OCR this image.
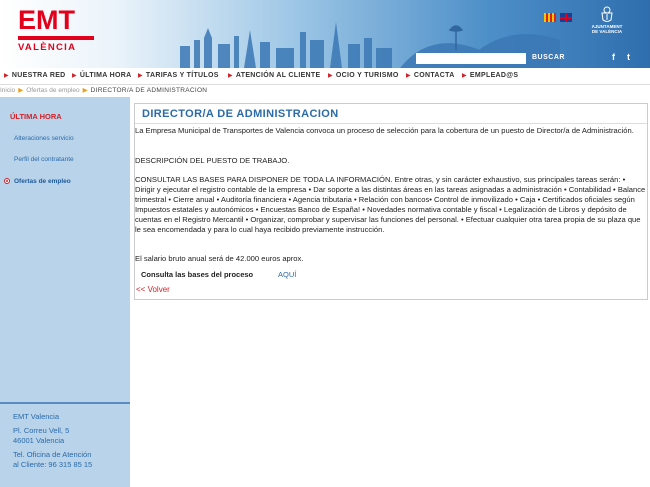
EMT
VALÈNCIA
AJUNTAMENT
DE VALÈNCIA
BUSCAR	f	t
▶ NUESTRA RED ▶ ÚLTIMA HORA ▶ TARIFAS Y TÍTULOS ▶ ATENCIÓN AL CLIENTE ▶ OCIO Y TURISMO ▶ CONTACTA ▶ EMPLEAD@S
Inicio ▶ Ofertas de empleo ▶ DIRECTOR/A DE ADMINISTRACION
ÚLTIMA HORA
Alteraciones servicio
Perfil del contratante
Ofertas de empleo
EMT Valencia
Pl. Correu Vell, 5
46001 Valencia
Tel. Oficina de Atención
al Cliente: 96 315 85 15
DIRECTOR/A DE ADMINISTRACION
La Empresa Municipal de Transportes de Valencia convoca un proceso de selección para la cobertura de un puesto de Director/a de Administración.
DESCRIPCIÓN DEL PUESTO DE TRABAJO.
CONSULTAR LAS BASES PARA DISPONER DE TODA LA INFORMACIÓN. Entre otras, y sin carácter exhaustivo, sus principales tareas serán: • Dirigir y ejecutar el registro contable de la empresa • Dar soporte a las distintas áreas en las tareas asignadas a administración • Contabilidad • Balance trimestral • Cierre anual • Auditoría financiera • Agencia tributaria • Relación con bancos• Control de inmovilizado • Caja • Certificados oficiales según Impuestos estatales y autonómicos • Encuestas Banco de España! • Novedades normativa contable y fiscal • Legalización de Libros y depósito de cuentas en el Registro Mercantil • Organizar, comprobar y supervisar las funciones del personal. • Efectuar cualquier otra tarea propia de su plaza que le sea encomendada y para lo cual haya recibido previamente instrucción.
El salario bruto anual será de 42.000 euros aprox.
Consulta las bases del proceso	AQUÍ
<< Volver
